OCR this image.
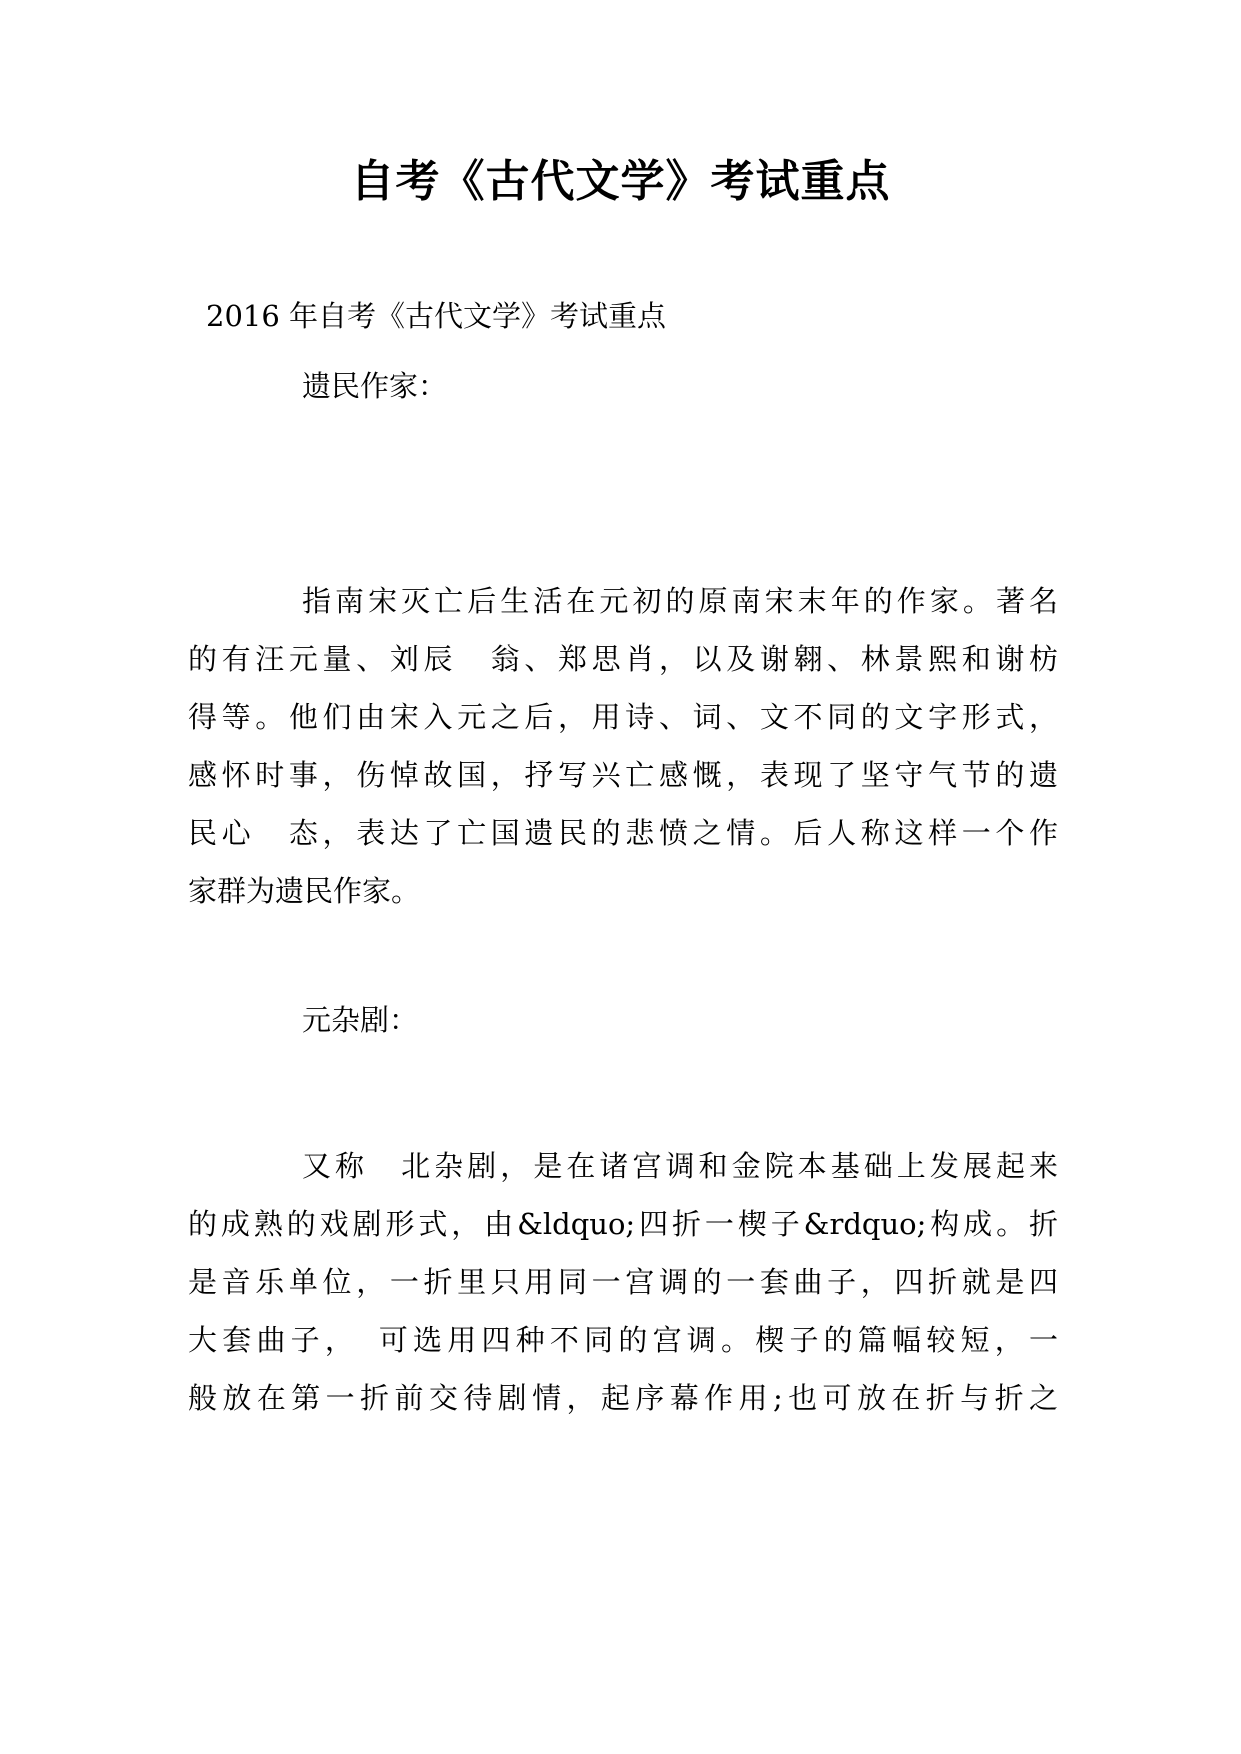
自考《古代文学》考试重点
2016 年自考《古代文学》考试重点
遗民作家：
指南宋灭亡后生活在元初的原南宋末年的作家。著名
的有汪元量、刘辰　翁、郑思肖，以及谢翱、林景熙和谢枋
得等。他们由宋入元之后，用诗、词、文不同的文字形式，
感怀时事，伤悼故国，抒写兴亡感慨，表现了坚守气节的遗
民心　态，表达了亡国遗民的悲愤之情。后人称这样一个作
家群为遗民作家。
元杂剧：
又称　北杂剧，是在诸宫调和金院本基础上发展起来
的成熟的戏剧形式，由&ldquo;四折一楔子&rdquo;构成。折
是音乐单位，一折里只用同一宫调的一套曲子，四折就是四
大套曲子，　可选用四种不同的宫调。楔子的篇幅较短，一
般放在第一折前交待剧情，起序幕作用;也可放在折与折之
